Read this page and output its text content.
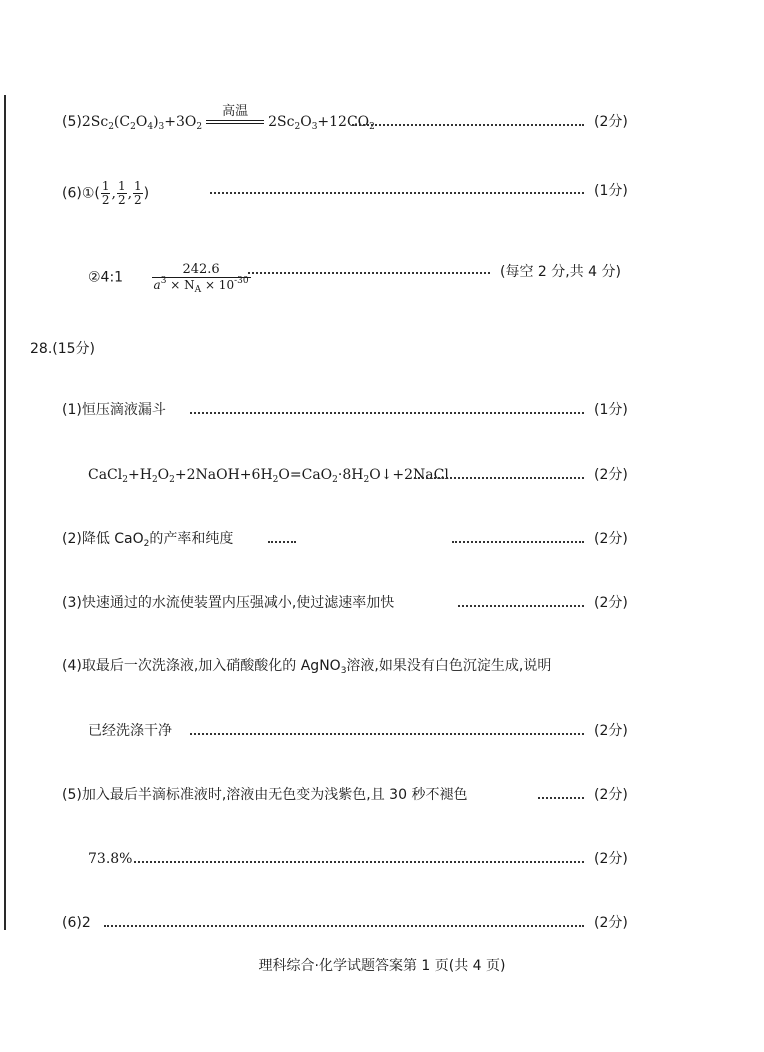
$(5)2Sc_2(C_2O_4)_3+3O_2$
高温
$2Sc_2O_3+12CO_2$	(2分)
(6)①( $\frac{1}{2}$ , $\frac{1}{2}$ , $\frac{1}{2}$ )	(1分)
②4:1 $\frac{242.6}{a^3 \times N_A \times 10^{-30}}$	(每空 2 分,共 4 分)
28.(15分)
(1)恒压滴液漏斗	(1分)
$CaCl_2+H_2O_2+2NaOH+6H_2O=CaO_2\cdot 8H_2O↓+2NaCl$	(2分)
(2)降低 CaO$_2$的产率和纯度	(2分)
(3)快速通过的水流使装置内压强减小,使过滤速率加快	(2分)
(4)取最后一次洗涤液,加入硝酸酸化的 AgNO$_3$溶液,如果没有白色沉淀生成,说明
已经洗涤干净	(2分)
(5)加入最后半滴标准液时,溶液由无色变为浅紫色,且 30 秒不褪色	(2分)
73.8%	(2分)
(6)2	(2分)
理科综合·化学试题答案第 1 页(共 4 页)
